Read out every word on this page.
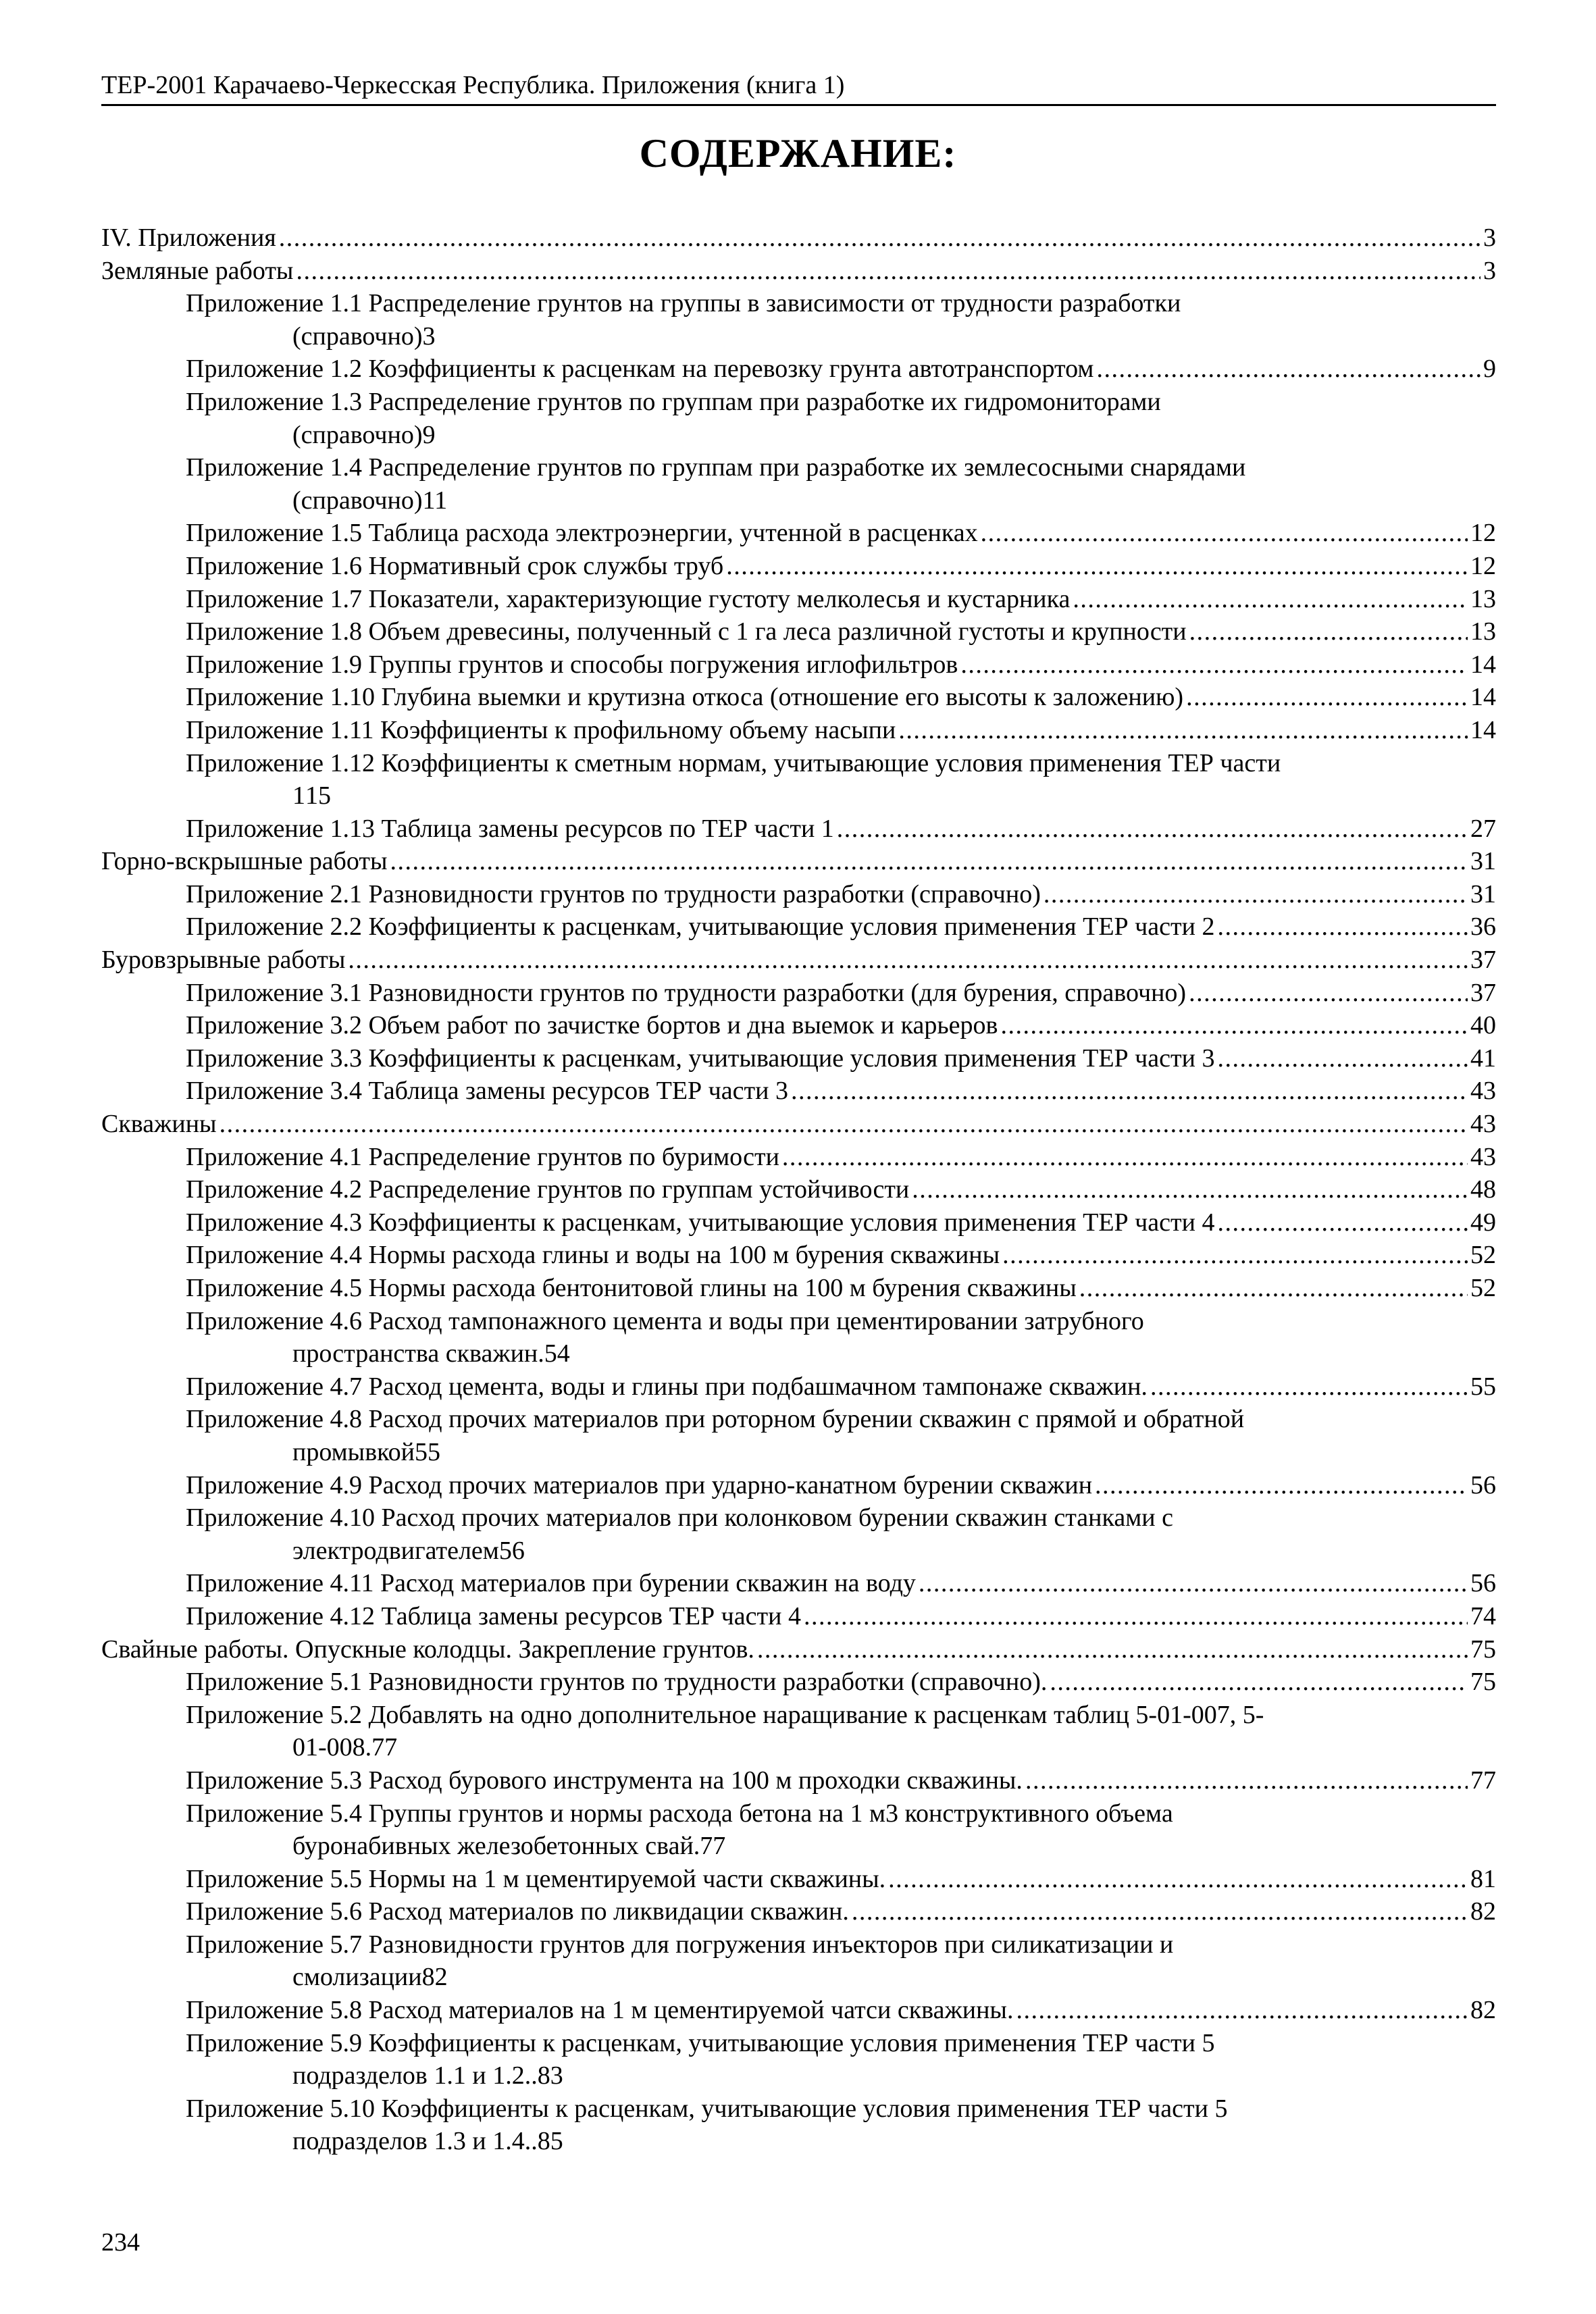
ТЕР-2001 Карачаево-Черкесская Республика. Приложения (книга 1)
СОДЕРЖАНИЕ:
IV. Приложения . . .	3
Земляные работы . . .	3
Приложение 1.1 Распределение грунтов на группы в зависимости от трудности разработки
(справочно) 3
Приложение 1.2 Коэффициенты к расценкам на перевозку грунта автотранспортом . . .	9
Приложение 1.3 Распределение грунтов по группам при разработке их гидромониторами
(справочно) 9
Приложение 1.4 Распределение грунтов по группам при разработке их землесосными снарядами
(справочно) 11
Приложение 1.5 Таблица расхода электроэнергии, учтенной в расценках . . .	12
Приложение 1.6 Нормативный срок службы труб . . .	12
Приложение 1.7 Показатели, характеризующие густоту мелколесья и кустарника . . .	13
Приложение 1.8 Объем древесины, полученный с 1 га леса различной густоты и крупности . . .	13
Приложение 1.9 Группы грунтов и способы погружения иглофильтров . . .	14
Приложение 1.10 Глубина выемки и крутизна откоса (отношение его высоты к заложению) . . .	14
Приложение 1.11 Коэффициенты к профильному объему насыпи . . .	14
Приложение 1.12 Коэффициенты к сметным нормам, учитывающие условия применения ТЕР части
1 15
Приложение 1.13 Таблица замены ресурсов по ТЕР части 1 . . .	27
Горно-вскрышные работы . . .	31
Приложение 2.1 Разновидности грунтов по трудности разработки (справочно) . . .	31
Приложение 2.2 Коэффициенты к расценкам, учитывающие условия применения ТЕР части 2 . . .	36
Буровзрывные работы . . .	37
Приложение 3.1 Разновидности грунтов по трудности разработки (для бурения, справочно) . . .	37
Приложение 3.2 Объем работ по зачистке бортов и дна выемок и карьеров . . .	40
Приложение 3.3 Коэффициенты к расценкам, учитывающие условия применения ТЕР части 3 . . .	41
Приложение 3.4 Таблица замены ресурсов ТЕР части 3 . . .	43
Скважины . . .	43
Приложение 4.1 Распределение грунтов по буримости . . .	43
Приложение 4.2 Распределение грунтов по группам устойчивости . . .	48
Приложение 4.3 Коэффициенты к расценкам, учитывающие условия применения ТЕР части 4 . . .	49
Приложение 4.4 Нормы расхода глины и воды на 100 м бурения скважины . . .	52
Приложение 4.5 Нормы расхода бентонитовой глины на 100 м бурения скважины . . .	52
Приложение 4.6 Расход тампонажного цемента и воды при цементировании затрубного
пространства скважин. 54
Приложение 4.7 Расход цемента, воды и глины при подбашмачном тампонаже скважин. . . .	55
Приложение 4.8 Расход прочих материалов при роторном бурении скважин с прямой и обратной
промывкой 55
Приложение 4.9 Расход прочих материалов при ударно-канатном бурении скважин . . .	56
Приложение 4.10 Расход прочих материалов при колонковом бурении скважин станками с
электродвигателем 56
Приложение 4.11 Расход материалов при бурении скважин на воду . . .	56
Приложение 4.12 Таблица замены ресурсов ТЕР части 4 . . .	74
Свайные работы. Опускные колодцы. Закрепление грунтов. . . .	75
Приложение 5.1 Разновидности грунтов по трудности разработки (справочно). . . .	75
Приложение 5.2 Добавлять на одно дополнительное наращивание к расценкам таблиц 5-01-007, 5-
01-008. 77
Приложение 5.3 Расход бурового инструмента на 100 м проходки скважины. . . .	77
Приложение 5.4 Группы грунтов и нормы расхода бетона на 1 м3 конструктивного объема
буронабивных железобетонных свай. 77
Приложение 5.5 Нормы на 1 м цементируемой части скважины. . . .	81
Приложение 5.6 Расход материалов по ликвидации скважин. . . .	82
Приложение 5.7 Разновидности грунтов для погружения инъекторов при силикатизации и
смолизации 82
Приложение 5.8 Расход материалов на 1 м цементируемой чатси скважины. . . .	82
Приложение 5.9 Коэффициенты к расценкам, учитывающие условия применения ТЕР части 5
подразделов 1.1 и 1.2.. 83
Приложение 5.10 Коэффициенты к расценкам, учитывающие условия применения ТЕР части 5
подразделов 1.3 и 1.4.. 85
234
